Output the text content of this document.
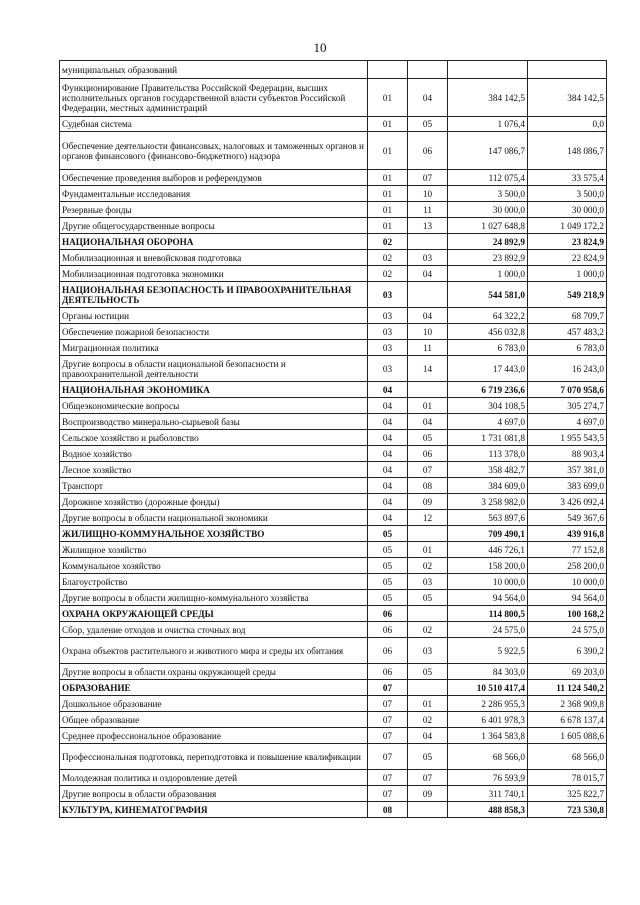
10
муниципальных образований				
Функционирование Правительства Российской Федерации, высших исполнительных органов государственной власти субъектов Российской Федерации, местных администраций	01	04	384 142,5	384 142,5
Судебная система	01	05	1 076,4	0,0
Обеспечение деятельности финансовых, налоговых и таможенных органов и органов финансового (финансово-бюджетного) надзора	01	06	147 086,7	148 086,7
Обеспечение проведения выборов и референдумов	01	07	112 075,4	33 575,4
Фундаментальные исследования	01	10	3 500,0	3 500,0
Резервные фонды	01	11	30 000,0	30 000,0
Другие общегосударственные вопросы	01	13	1 027 648,8	1 049 172,2
НАЦИОНАЛЬНАЯ ОБОРОНА	02		24 892,9	23 824,9
Мобилизационная и вневойсковая подготовка	02	03	23 892,9	22 824,9
Мобилизационная подготовка экономики	02	04	1 000,0	1 000,0
НАЦИОНАЛЬНАЯ БЕЗОПАСНОСТЬ И ПРАВООХРАНИТЕЛЬНАЯ ДЕЯТЕЛЬНОСТЬ	03		544 581,0	549 218,9
Органы юстиции	03	04	64 322,2	68 709,7
Обеспечение пожарной безопасности	03	10	456 032,8	457 483,2
Миграционная политика	03	11	6 783,0	6 783,0
Другие вопросы в области национальной безопасности и правоохранительной деятельности	03	14	17 443,0	16 243,0
НАЦИОНАЛЬНАЯ ЭКОНОМИКА	04		6 719 236,6	7 070 958,6
Общеэкономические вопросы	04	01	304 108,5	305 274,7
Воспроизводство минерально-сырьевой базы	04	04	4 697,0	4 697,0
Сельское хозяйство и рыболовство	04	05	1 731 081,8	1 955 543,5
Водное хозяйство	04	06	113 378,0	88 903,4
Лесное хозяйство	04	07	358 482,7	357 381,0
Транспорт	04	08	384 609,0	383 699,0
Дорожное хозяйство (дорожные фонды)	04	09	3 258 982,0	3 426 092,4
Другие вопросы в области национальной экономики	04	12	563 897,6	549 367,6
ЖИЛИЩНО-КОММУНАЛЬНОЕ ХОЗЯЙСТВО	05		709 490,1	439 916,8
Жилищное хозяйство	05	01	446 726,1	77 152,8
Коммунальное хозяйство	05	02	158 200,0	258 200,0
Благоустройство	05	03	10 000,0	10 000,0
Другие вопросы в области жилищно-коммунального хозяйства	05	05	94 564,0	94 564,0
ОХРАНА ОКРУЖАЮЩЕЙ СРЕДЫ	06		114 800,5	100 168,2
Сбор, удаление отходов и очистка сточных вод	06	02	24 575,0	24 575,0
Охрана объектов растительного и животного мира и среды их обитания	06	03	5 922,5	6 390,2
Другие вопросы в области охраны окружающей среды	06	05	84 303,0	69 203,0
ОБРАЗОВАНИЕ	07		10 510 417,4	11 124 540,2
Дошкольное образование	07	01	2 286 955,3	2 368 909,8
Общее образование	07	02	6 401 978,3	6 678 137,4
Среднее профессиональное образование	07	04	1 364 583,8	1 605 088,6
Профессиональная подготовка, переподготовка и повышение квалификации	07	05	68 566,0	68 566,0
Молодежная политика и оздоровление детей	07	07	76 593,9	78 015,7
Другие вопросы в области образования	07	09	311 740,1	325 822,7
КУЛЬТУРА, КИНЕМАТОГРАФИЯ	08		488 858,3	723 530,8
